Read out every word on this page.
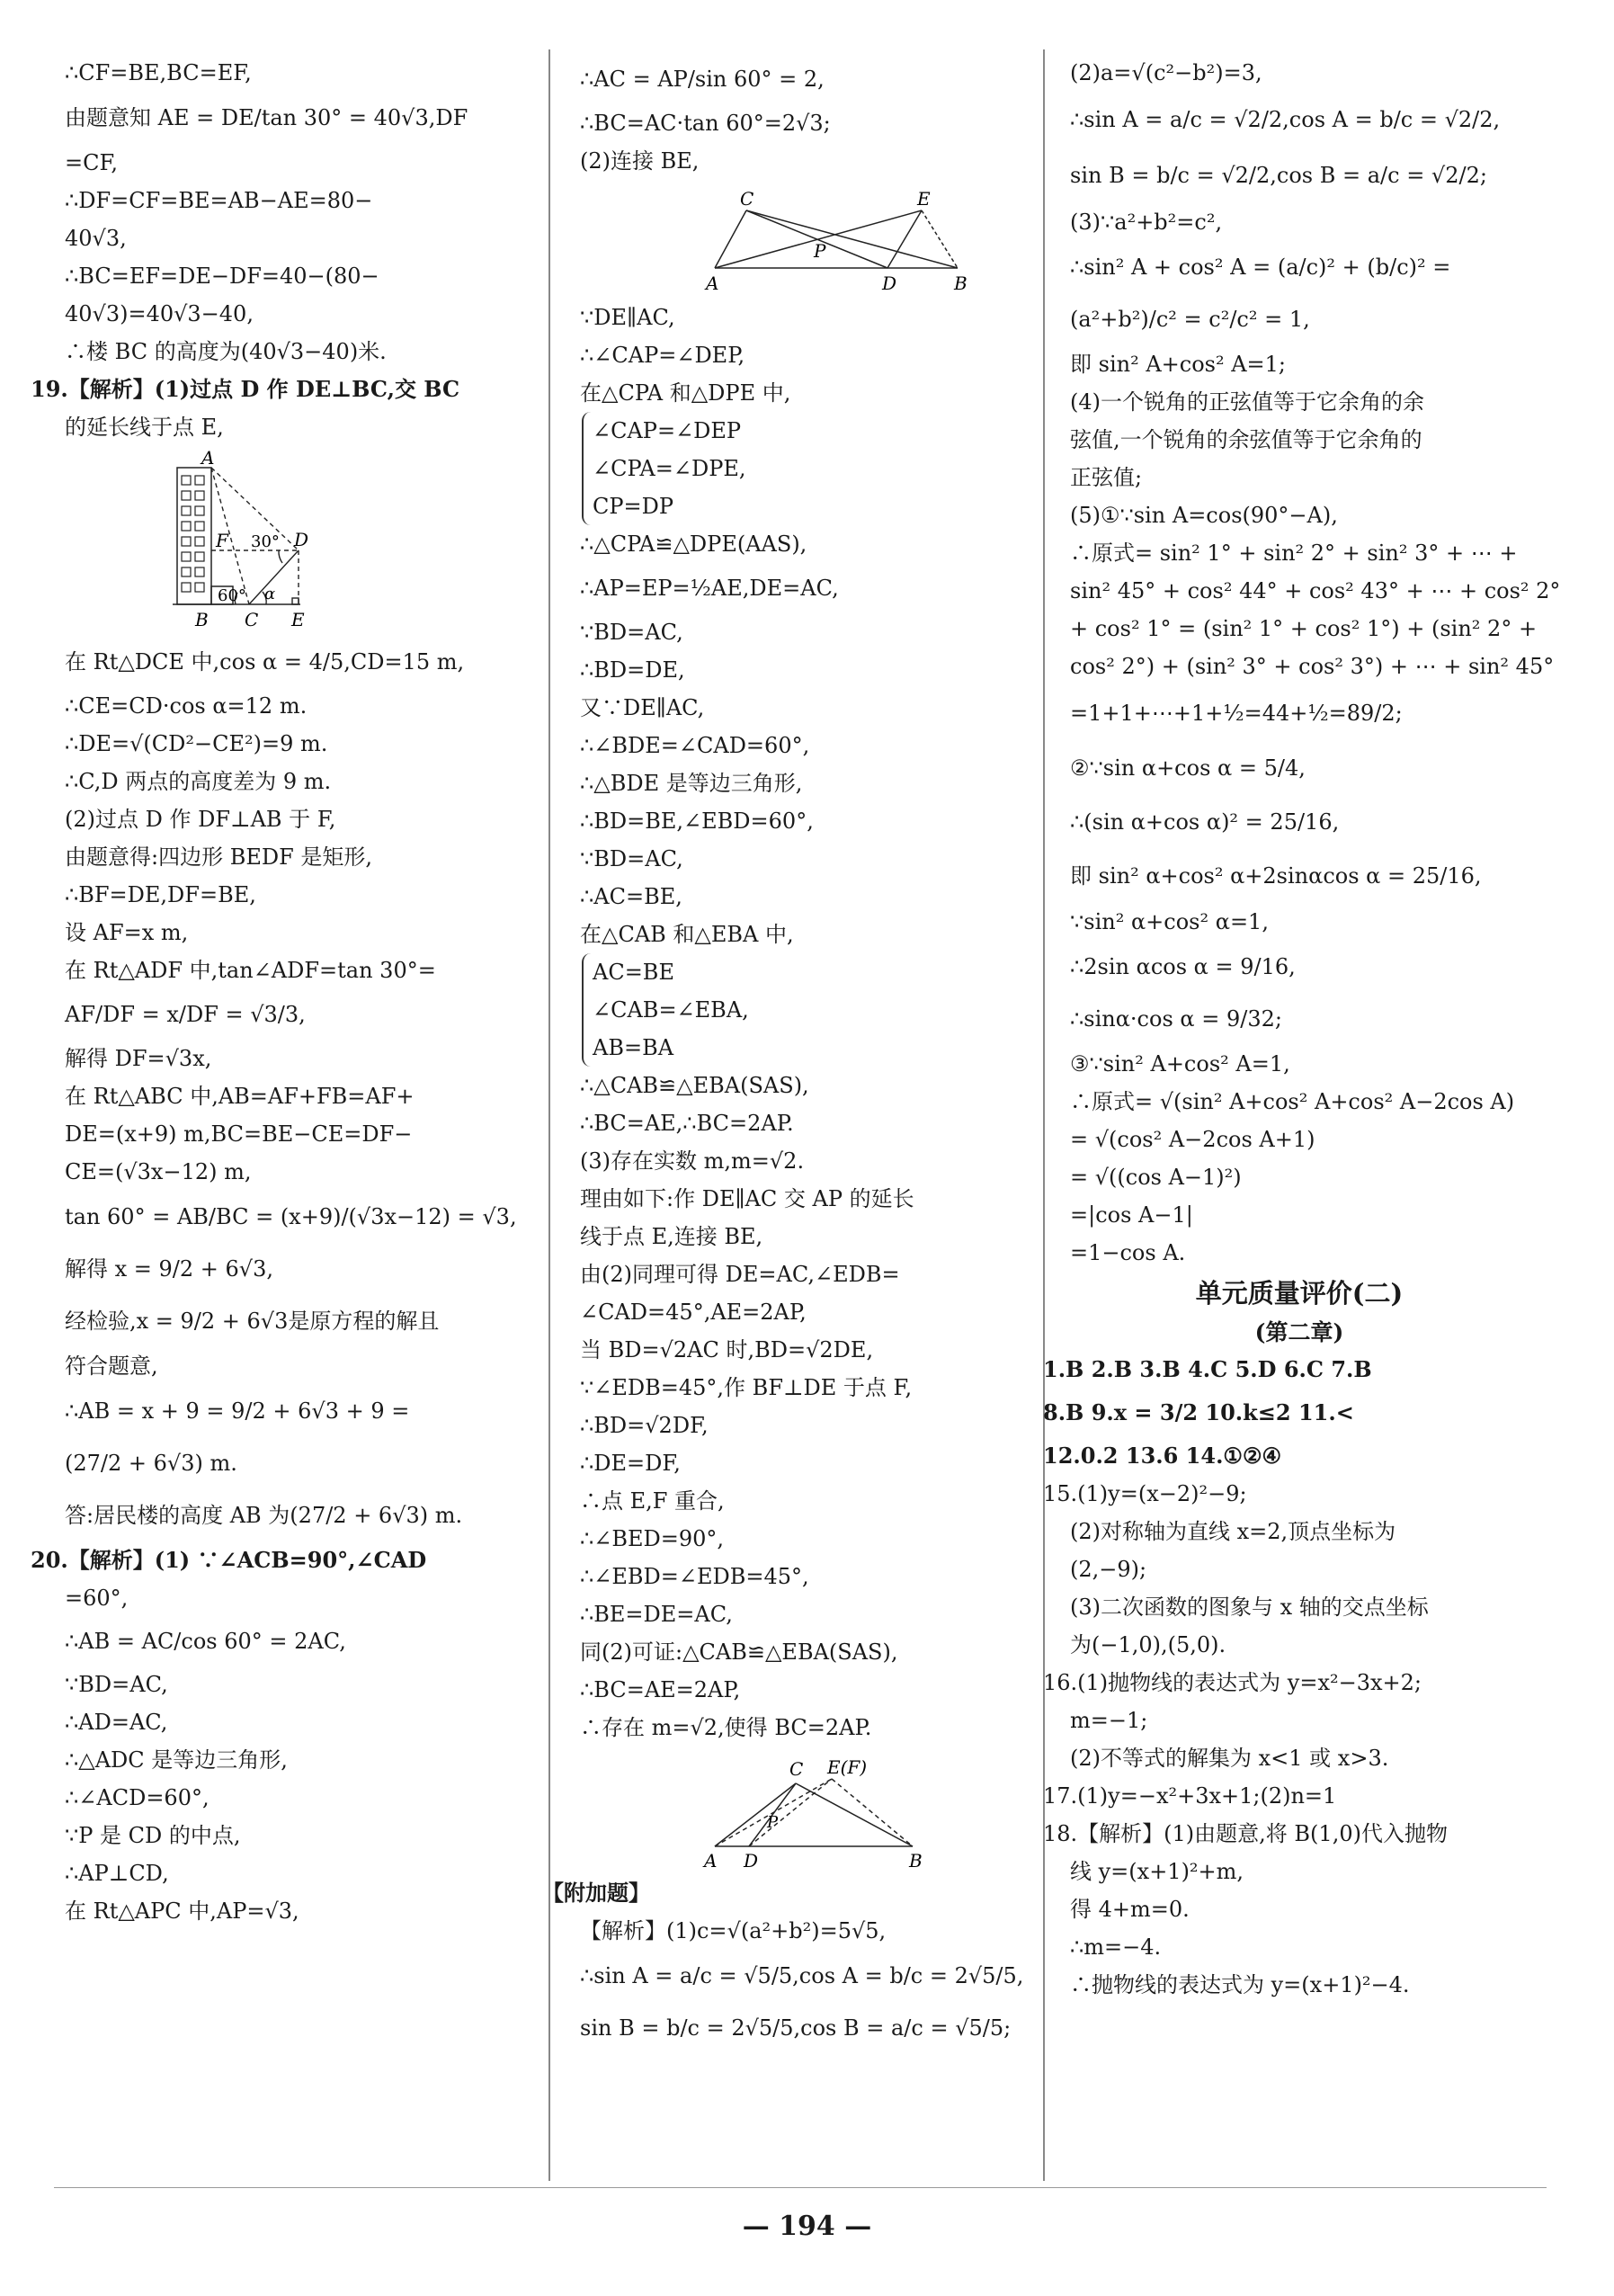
∴CF=BE,BC=EF,
由题意知 AE = DE/tan 30° = 40√3,DF
=CF,
∴DF=CF=BE=AB−AE=80−
40√3,
∴BC=EF=DE−DF=40−(80−
40√3)=40√3−40,
∴楼 BC 的高度为(40√3−40)米.
19.【解析】(1)过点 D 作 DE⊥BC,交 BC
的延长线于点 E,
A
B C
D
E
F 30°
60° α
在 Rt△DCE 中,cos α = 4/5,CD=15 m,
∴CE=CD·cos α=12 m.
∴DE=√(CD²−CE²)=9 m.
∴C,D 两点的高度差为 9 m.
(2)过点 D 作 DF⊥AB 于 F,
由题意得:四边形 BEDF 是矩形,
∴BF=DE,DF=BE,
设 AF=x m,
在 Rt△ADF 中,tan∠ADF=tan 30°=
AF/DF = x/DF = √3/3,
解得 DF=√3x,
在 Rt△ABC 中,AB=AF+FB=AF+
DE=(x+9) m,BC=BE−CE=DF−
CE=(√3x−12) m,
tan 60° = AB/BC = (x+9)/(√3x−12) = √3,
解得 x = 9/2 + 6√3,
经检验,x = 9/2 + 6√3是原方程的解且
符合题意,
∴AB = x + 9 = 9/2 + 6√3 + 9 =
(27/2 + 6√3) m.
答:居民楼的高度 AB 为(27/2 + 6√3) m.
20.【解析】(1) ∵∠ACB=90°,∠CAD
=60°,
∴AB = AC/cos 60° = 2AC,
∵BD=AC,
∴AD=AC,
∴△ADC 是等边三角形,
∴∠ACD=60°,
∵P 是 CD 的中点,
∴AP⊥CD,
在 Rt△APC 中,AP=√3,
∴AC = AP/sin 60° = 2,
∴BC=AC·tan 60°=2√3;
(2)连接 BE,
C	E
P
A	D	B
∵DE∥AC,
∴∠CAP=∠DEP,
在△CPA 和△DPE 中,
∠CAP=∠DEP
∠CPA=∠DPE,
CP=DP
∴△CPA≌△DPE(AAS),
∴AP=EP=½AE,DE=AC,
∵BD=AC,
∴BD=DE,
又∵DE∥AC,
∴∠BDE=∠CAD=60°,
∴△BDE 是等边三角形,
∴BD=BE,∠EBD=60°,
∵BD=AC,
∴AC=BE,
在△CAB 和△EBA 中,
AC=BE
∠CAB=∠EBA,
AB=BA
∴△CAB≌△EBA(SAS),
∴BC=AE,∴BC=2AP.
(3)存在实数 m,m=√2.
理由如下:作 DE∥AC 交 AP 的延长
线于点 E,连接 BE,
由(2)同理可得 DE=AC,∠EDB=
∠CAD=45°,AE=2AP,
当 BD=√2AC 时,BD=√2DE,
∵∠EDB=45°,作 BF⊥DE 于点 F,
∴BD=√2DF,
∴DE=DF,
∴点 E,F 重合,
∴∠BED=90°,
∴∠EBD=∠EDB=45°,
∴BE=DE=AC,
同(2)可证:△CAB≌△EBA(SAS),
∴BC=AE=2AP,
∴存在 m=√2,使得 BC=2AP.
C E(F)
P
A D	B
【附加题】
【解析】(1)c=√(a²+b²)=5√5,
∴sin A = a/c = √5/5,cos A = b/c = 2√5/5,
sin B = b/c = 2√5/5,cos B = a/c = √5/5;
(2)a=√(c²−b²)=3,
∴sin A = a/c = √2/2,cos A = b/c = √2/2,
sin B = b/c = √2/2,cos B = a/c = √2/2;
(3)∵a²+b²=c²,
∴sin² A + cos² A = (a/c)² + (b/c)² =
(a²+b²)/c² = c²/c² = 1,
即 sin² A+cos² A=1;
(4)一个锐角的正弦值等于它余角的余
弦值,一个锐角的余弦值等于它余角的
正弦值;
(5)①∵sin A=cos(90°−A),
∴原式= sin² 1° + sin² 2° + sin² 3° + ⋯ +
sin² 45° + cos² 44° + cos² 43° + ⋯ + cos² 2°
+ cos² 1° = (sin² 1° + cos² 1°) + (sin² 2° +
cos² 2°) + (sin² 3° + cos² 3°) + ⋯ + sin² 45°
=1+1+⋯+1+½=44+½=89/2;
②∵sin α+cos α = 5/4,
∴(sin α+cos α)² = 25/16,
即 sin² α+cos² α+2sinαcos α = 25/16,
∵sin² α+cos² α=1,
∴2sin αcos α = 9/16,
∴sinα·cos α = 9/32;
③∵sin² A+cos² A=1,
∴原式= √(sin² A+cos² A+cos² A−2cos A)
= √(cos² A−2cos A+1)
= √((cos A−1)²)
=|cos A−1|
=1−cos A.
单元质量评价(二)
(第二章)
1.B 2.B 3.B 4.C 5.D 6.C 7.B
8.B 9.x = 3/2 10.k≤2 11.<
12.0.2 13.6 14.①②④
15.(1)y=(x−2)²−9;
(2)对称轴为直线 x=2,顶点坐标为
(2,−9);
(3)二次函数的图象与 x 轴的交点坐标
为(−1,0),(5,0).
16.(1)抛物线的表达式为 y=x²−3x+2;
m=−1;
(2)不等式的解集为 x<1 或 x>3.
17.(1)y=−x²+3x+1;(2)n=1
18.【解析】(1)由题意,将 B(1,0)代入抛物
线 y=(x+1)²+m,
得 4+m=0.
∴m=−4.
∴抛物线的表达式为 y=(x+1)²−4.
— 194 —
